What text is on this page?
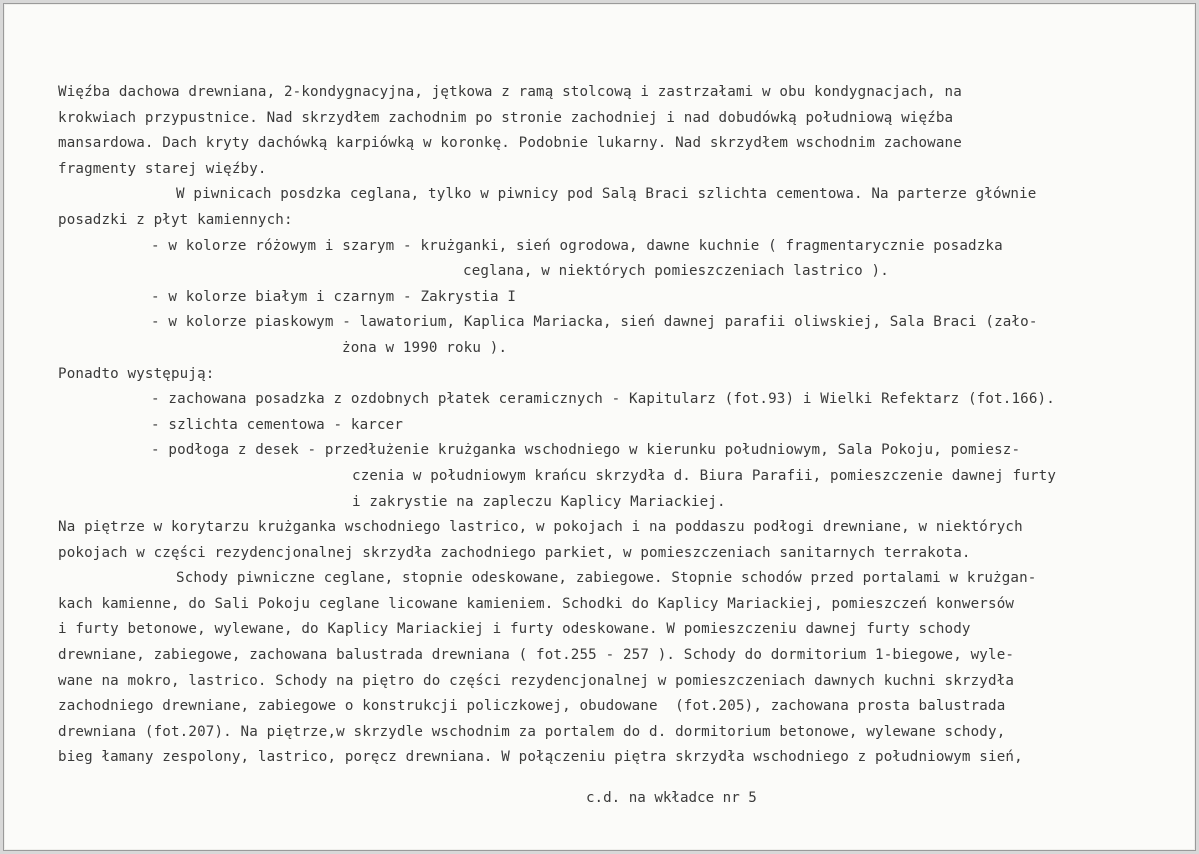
Więźba dachowa drewniana, 2-kondygnacyjna, jętkowa z ramą stolcową i zastrzałami w obu kondygnacjach, na
krokwiach przypustnice. Nad skrzydłem zachodnim po stronie zachodniej i nad dobudówką południową więźba
mansardowa. Dach kryty dachówką karpiówką w koronkę. Podobnie lukarny. Nad skrzydłem wschodnim zachowane
fragmenty starej więźby.
W piwnicach posdzka ceglana, tylko w piwnicy pod Salą Braci szlichta cementowa. Na parterze głównie
posadzki z płyt kamiennych:
- w kolorze różowym i szarym - krużganki, sień ogrodowa, dawne kuchnie ( fragmentarycznie posadzka
ceglana, w niektórych pomieszczeniach lastrico ).
- w kolorze białym i czarnym - Zakrystia I
- w kolorze piaskowym - lawatorium, Kaplica Mariacka, sień dawnej parafii oliwskiej, Sala Braci (zało-
żona w 1990 roku ).
Ponadto występują:
- zachowana posadzka z ozdobnych płatek ceramicznych - Kapitularz (fot.93) i Wielki Refektarz (fot.166).
- szlichta cementowa - karcer
- podłoga z desek - przedłużenie krużganka wschodniego w kierunku południowym, Sala Pokoju, pomiesz-
czenia w południowym krańcu skrzydła d. Biura Parafii, pomieszczenie dawnej furty
i zakrystie na zapleczu Kaplicy Mariackiej.
Na piętrze w korytarzu krużganka wschodniego lastrico, w pokojach i na poddaszu podłogi drewniane, w niektórych
pokojach w części rezydencjonalnej skrzydła zachodniego parkiet, w pomieszczeniach sanitarnych terrakota.
Schody piwniczne ceglane, stopnie odeskowane, zabiegowe. Stopnie schodów przed portalami w krużgan-
kach kamienne, do Sali Pokoju ceglane licowane kamieniem. Schodki do Kaplicy Mariackiej, pomieszczeń konwersów
i furty betonowe, wylewane, do Kaplicy Mariackiej i furty odeskowane. W pomieszczeniu dawnej furty schody
drewniane, zabiegowe, zachowana balustrada drewniana ( fot.255 - 257 ). Schody do dormitorium 1-biegowe, wyle-
wane na mokro, lastrico. Schody na piętro do części rezydencjonalnej w pomieszczeniach dawnych kuchni skrzydła
zachodniego drewniane, zabiegowe o konstrukcji policzkowej, obudowane  (fot.205), zachowana prosta balustrada
drewniana (fot.207). Na piętrze,w skrzydle wschodnim za portalem do d. dormitorium betonowe, wylewane schody,
bieg łamany zespolony, lastrico, poręcz drewniana. W połączeniu piętra skrzydła wschodniego z południowym sień,
c.d. na wkładce nr 5
